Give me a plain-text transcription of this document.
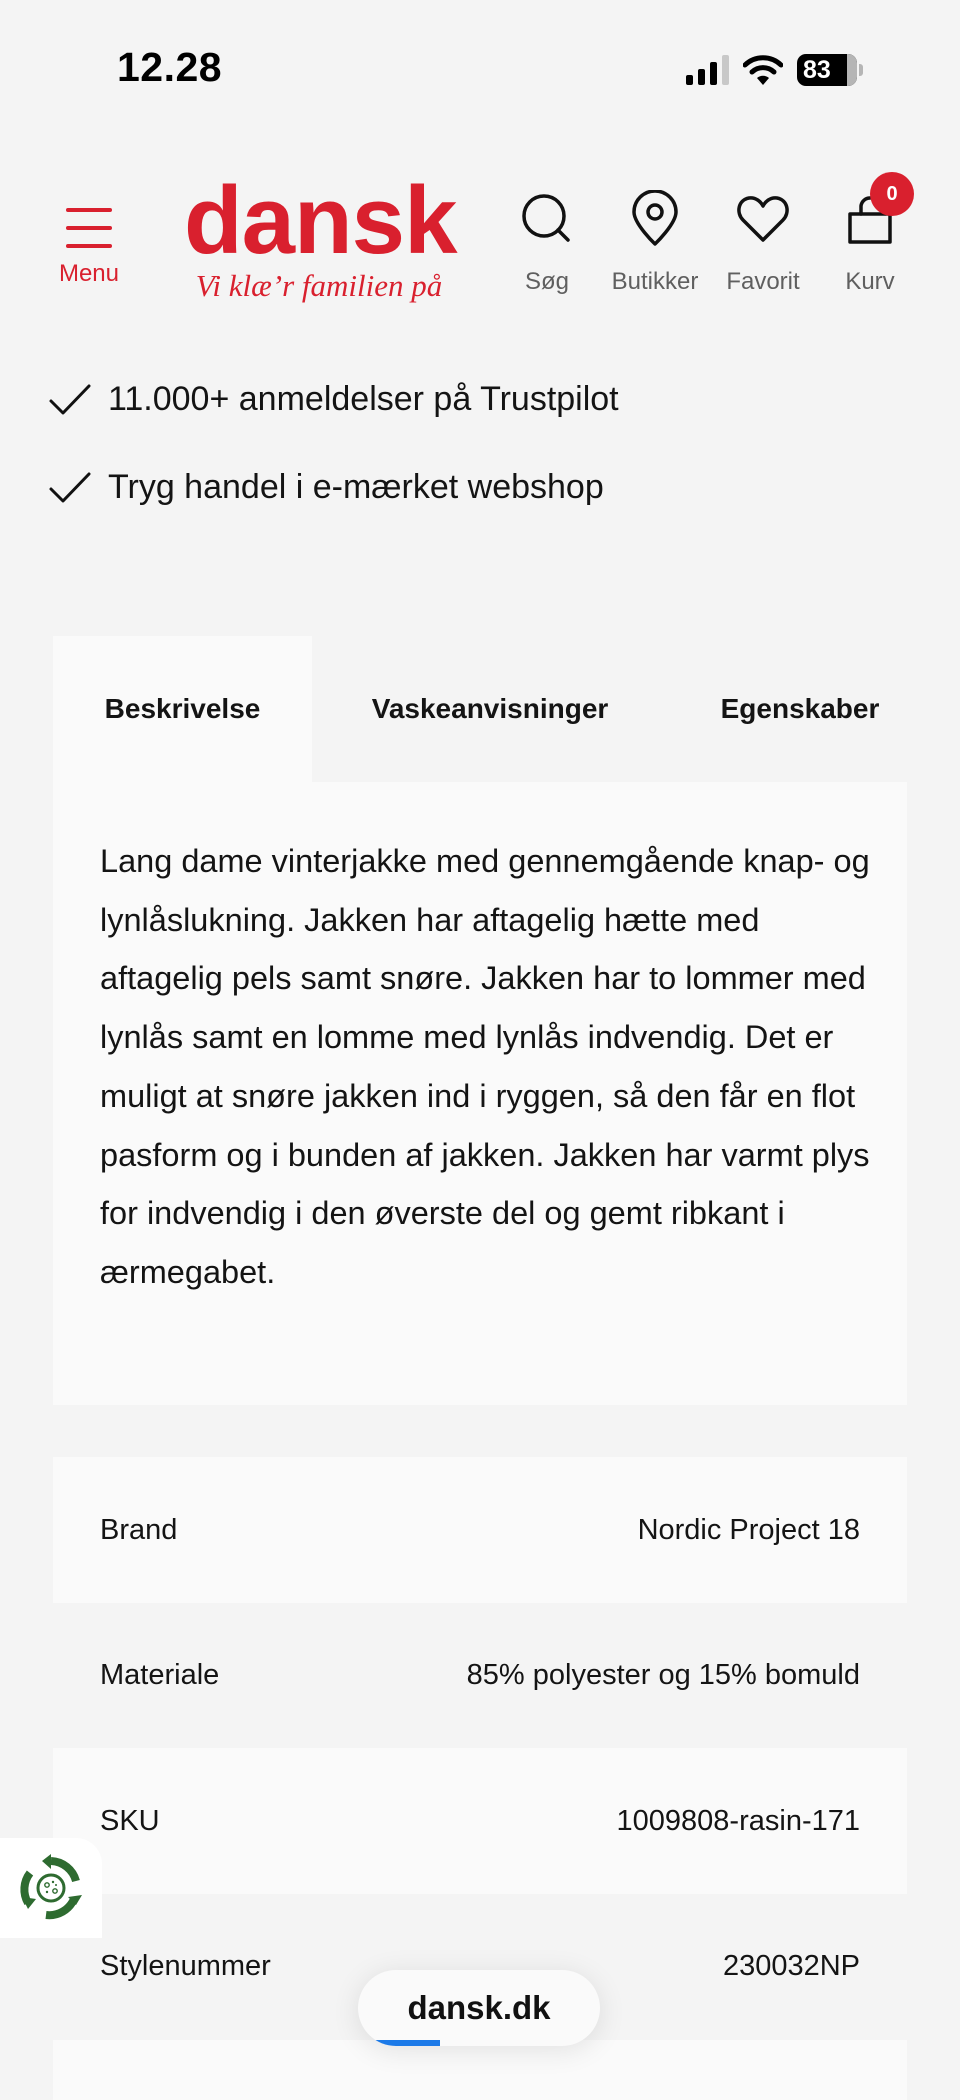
12.28	83
Menu dansk
Vi klæ’r familien på	Søg Butikker Favorit Kurv
0
11.000+ anmeldelser på Trustpilot
Tryg handel i e-mærket webshop
Beskrivelse	Vaskeanvisninger	Egenskaber
Lang dame vinterjakke med gennemgående knap- og lynlåslukning. Jakken har aftagelig hætte med aftagelig pels samt snøre. Jakken har to lommer med lynlås samt en lomme med lynlås indvendig. Det er muligt at snøre jakken ind i ryggen, så den får en flot pasform og i bunden af jakken. Jakken har varmt plys for indvendig i den øverste del og gemt ribkant i ærmegabet.
Brand	Nordic Project 18
Materiale	85% polyester og 15% bomuld
SKU	1009808-rasin-171
Stylenummer	230032NP
dansk.dk
